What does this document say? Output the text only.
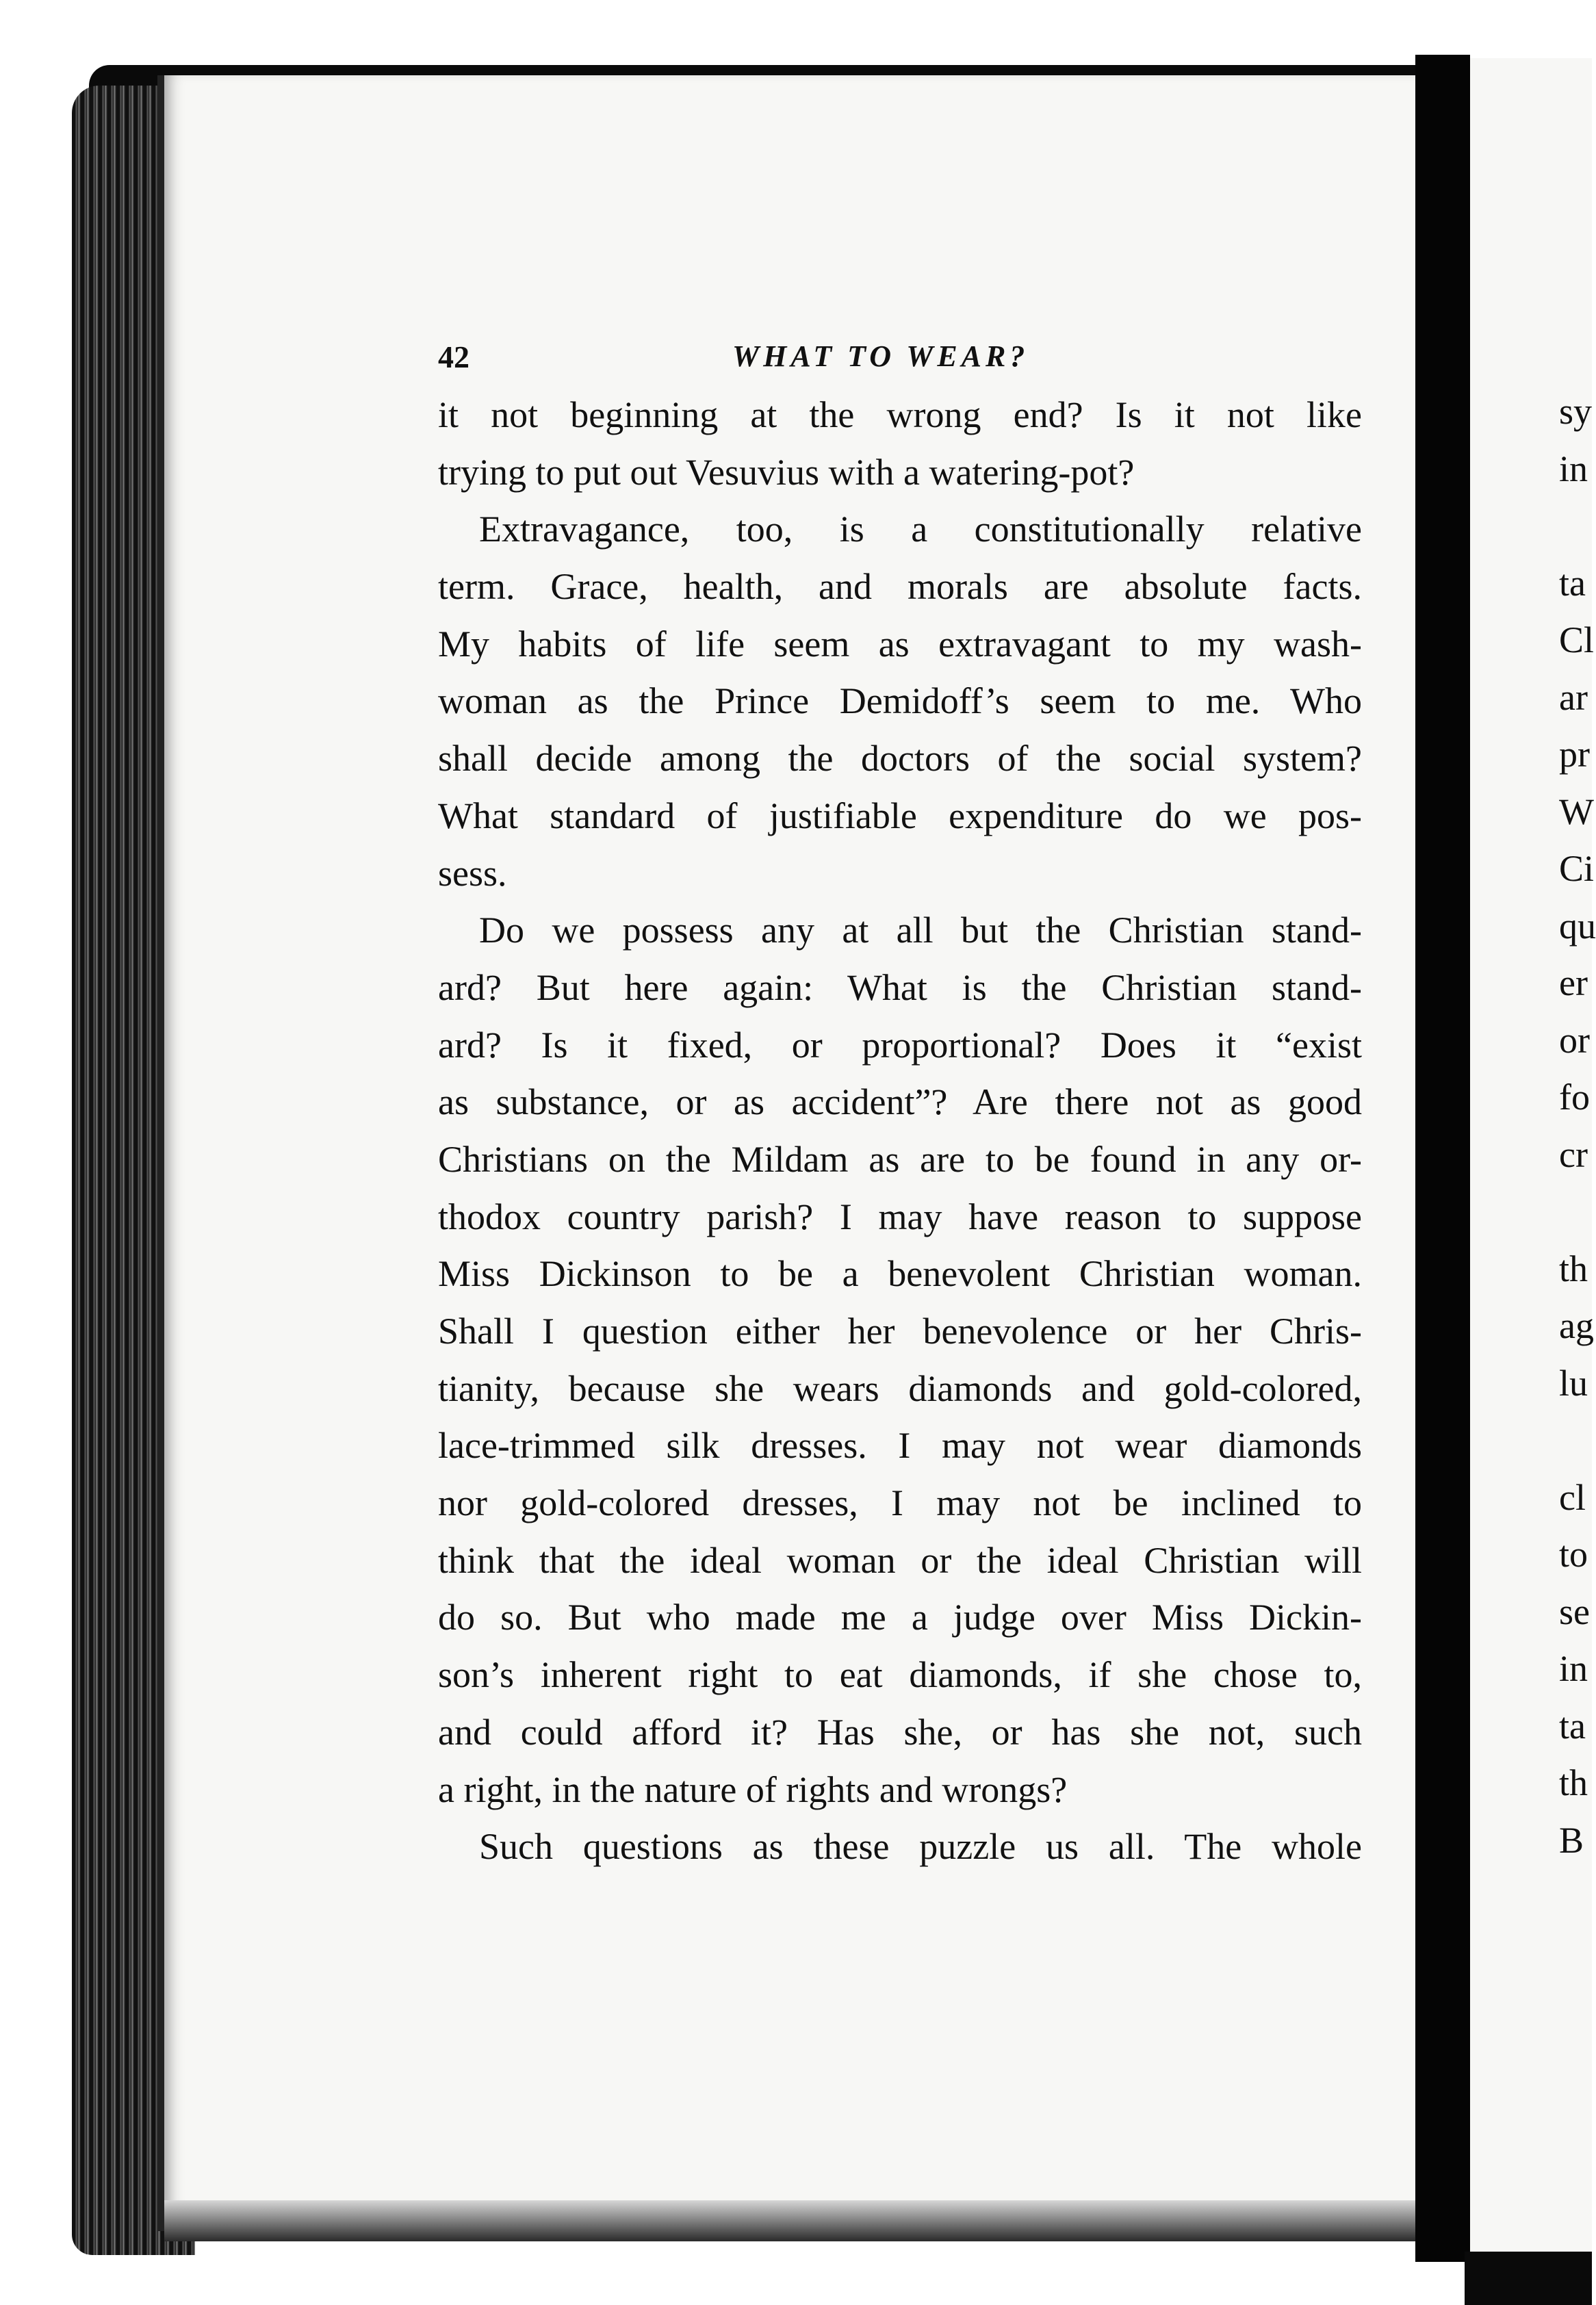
42	WHAT TO WEAR?
it not beginning at the wrong end? Is it not like
trying to put out Vesuvius with a watering-pot?
Extravagance, too, is a constitutionally relative
term. Grace, health, and morals are absolute facts.
My habits of life seem as extravagant to my wash-
woman as the Prince Demidoff’s seem to me. Who
shall decide among the doctors of the social system?
What standard of justifiable expenditure do we pos-
sess.
Do we possess any at all but the Christian stand-
ard? But here again: What is the Christian stand-
ard? Is it fixed, or proportional? Does it “exist
as substance, or as accident”? Are there not as good
Christians on the Mildam as are to be found in any or-
thodox country parish? I may have reason to suppose
Miss Dickinson to be a benevolent Christian woman.
Shall I question either her benevolence or her Chris-
tianity, because she wears diamonds and gold-colored,
lace-trimmed silk dresses. I may not wear diamonds
nor gold-colored dresses, I may not be inclined to
think that the ideal woman or the ideal Christian will
do so. But who made me a judge over Miss Dickin-
son’s inherent right to eat diamonds, if she chose to,
and could afford it? Has she, or has she not, such
a right, in the nature of rights and wrongs?
Such questions as these puzzle us all. The whole
sy
in
ta
Cl
ar
pr
W
Ci
qu
er
or
fo
cr
th
ag
lu
cl
to
se
in
ta
th
B
